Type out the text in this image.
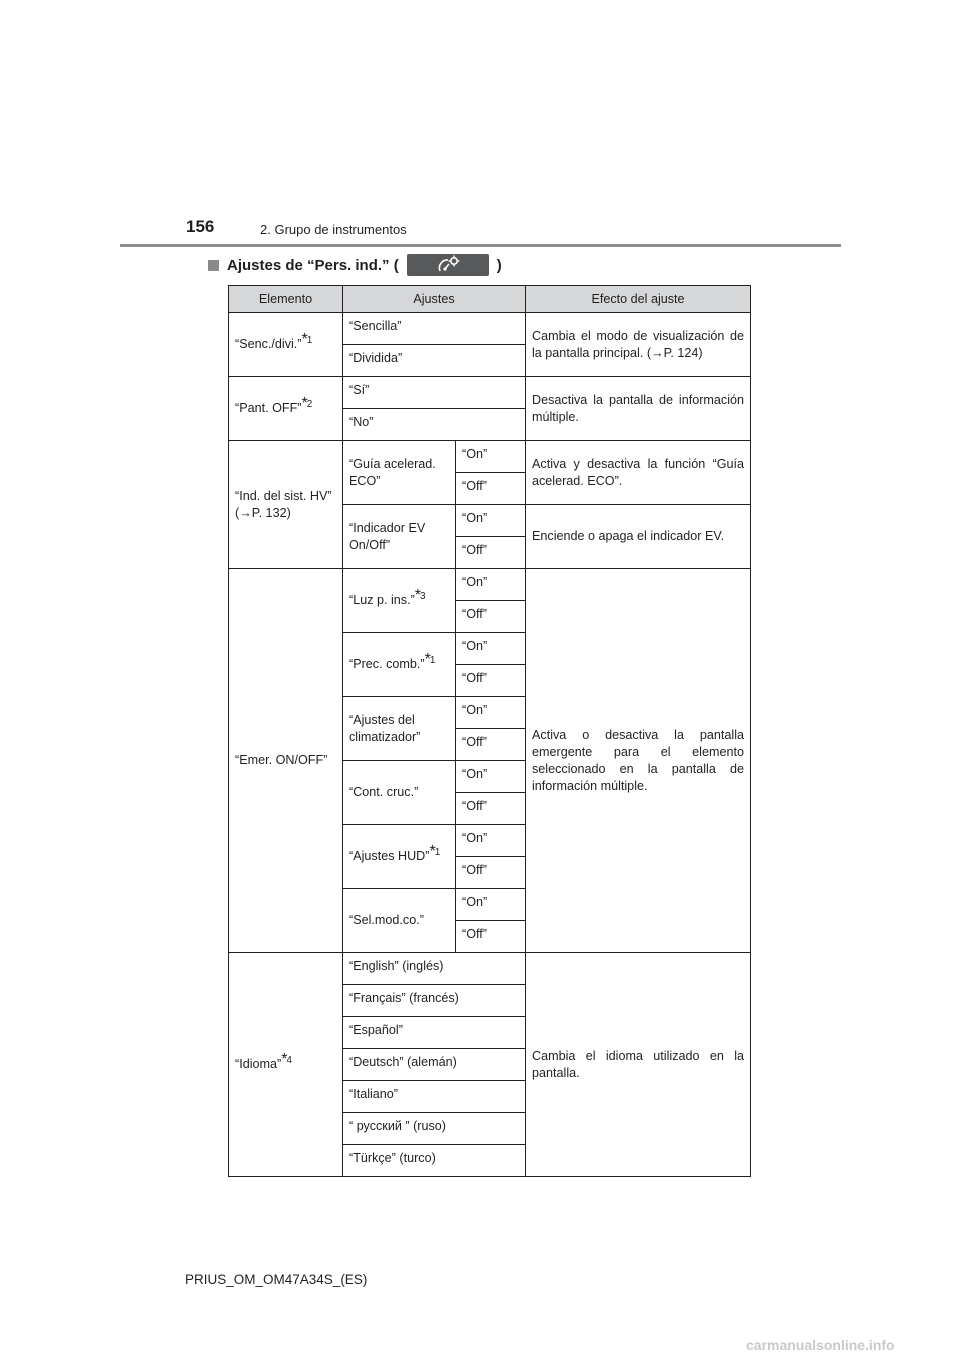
156	2. Grupo de instrumentos
Ajustes de “Pers. ind.” (	)
Elemento	Ajustes		Efecto del ajuste
“Senc./divi.”$^{*1}$	“Sencilla”		Cambia el modo de visualización de la pantalla principal. (→P. 124)
	“Dividida”		
“Pant. OFF”$^{*2}$	“Sí”		Desactiva la pantalla de información múltiple.
	“No”		
“Ind. del sist. HV” (→P. 132)	“Guía acelerad. ECO”	“On”	Activa y desactiva la función “Guía acelerad. ECO”.
		“Off”	
	“Indicador EV On/Off”	“On”	Enciende o apaga el indicador EV.
		“Off”	
“Emer. ON/OFF”	“Luz p. ins.”$^{*3}$	“On”	Activa o desactiva la pantalla emergente para el elemento seleccionado en la pantalla de información múltiple.
		“Off”	
	“Prec. comb.”$^{*1}$	“On”	
		“Off”	
	“Ajustes del climatizador”	“On”	
		“Off”	
	“Cont. cruc.”	“On”	
		“Off”	
	“Ajustes HUD”$^{*1}$	“On”	
		“Off”	
	“Sel.mod.co.”	“On”	
		“Off”	
“Idioma”$^{*4}$	“English” (inglés)		Cambia el idioma utilizado en la pantalla.
	“Français” (francés)		
	“Español”		
	“Deutsch” (alemán)		
	“Italiano”		
	“ русский ” (ruso)		
	“Türkçe” (turco)		
PRIUS_OM_OM47A34S_(ES)
carmanualsonline.info
